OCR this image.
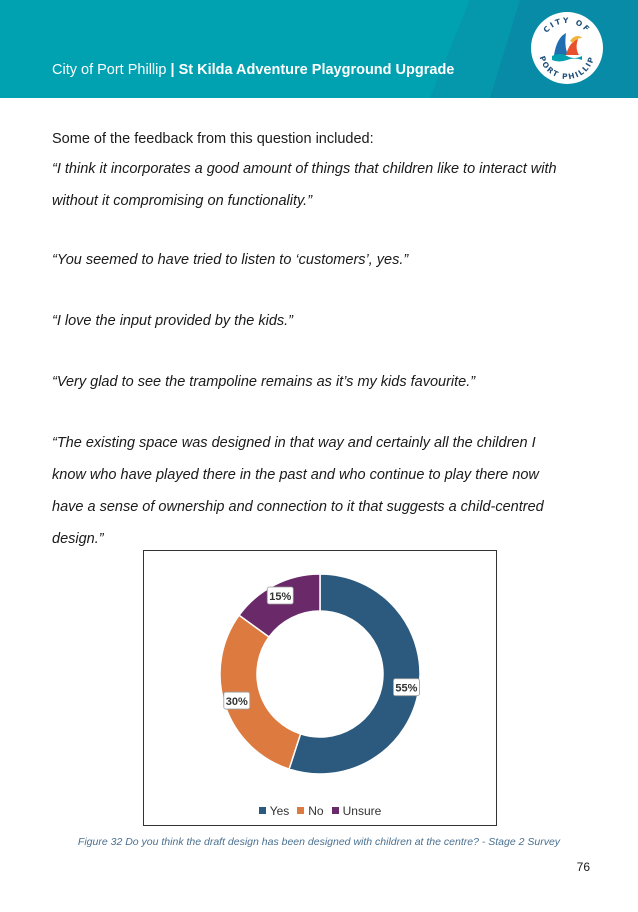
City of Port Phillip | St Kilda Adventure Playground Upgrade
CITY OF
PORT PHILLIP
Some of the feedback from this question included:
“I think it incorporates a good amount of things that children like to interact with
without it compromising on functionality.”
“You seemed to have tried to listen to ‘customers’, yes.”
“I love the input provided by the kids.”
“Very glad to see the trampoline remains as it’s my kids favourite.”
“The existing space was designed in that way and certainly all the children I
know who have played there in the past and who continue to play there now
have a sense of ownership and connection to it that suggests a child-centred
design.”
55%
30%
15%
Yes No Unsure
Figure 32 Do you think the draft design has been designed with children at the centre? - Stage 2 Survey
76
